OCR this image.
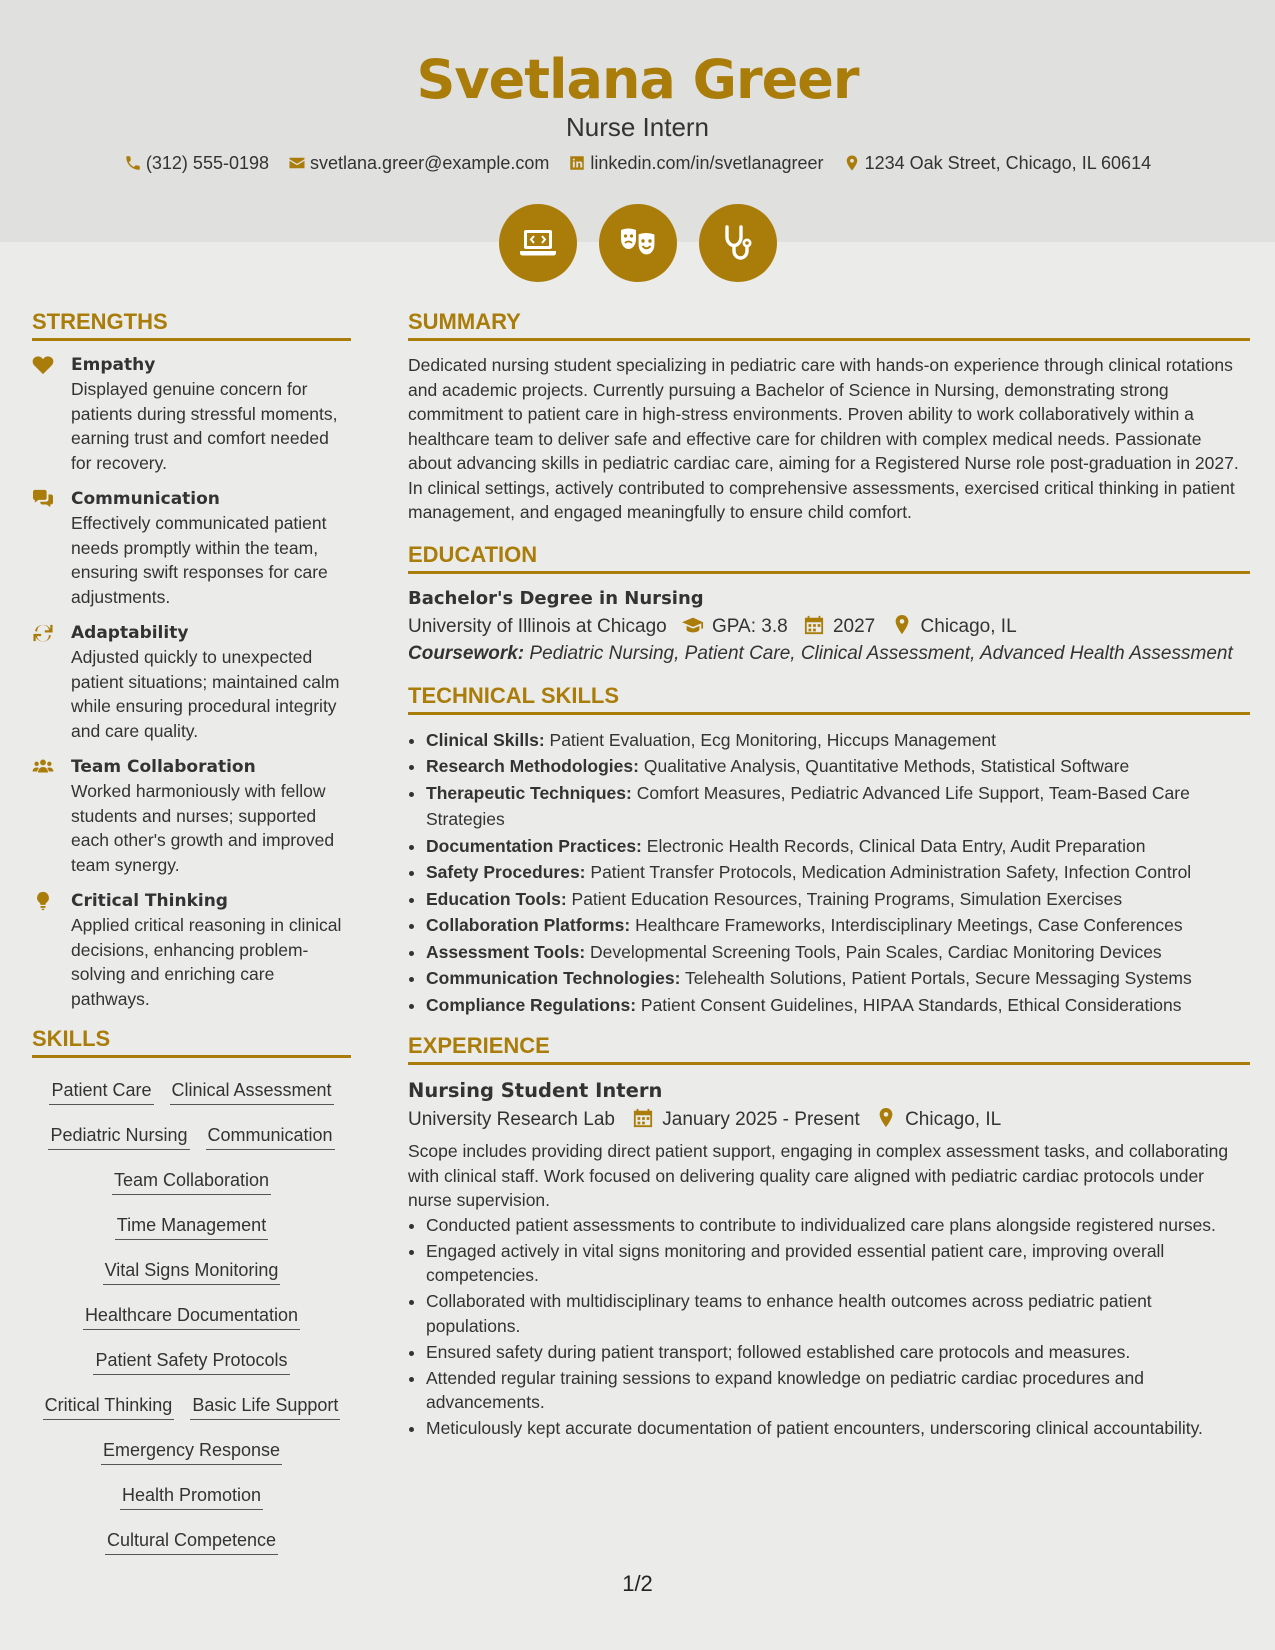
Svetlana Greer
Nurse Intern
(312) 555-0198 svetlana.greer@example.com linkedin.com/in/svetlanagreer 1234 Oak Street, Chicago, IL 60614

STRENGTHS
Empathy
Displayed genuine concern for patients during stressful moments, earning trust and comfort needed for recovery.
Communication
Effectively communicated patient needs promptly within the team, ensuring swift responses for care adjustments.
Adaptability
Adjusted quickly to unexpected patient situations; maintained calm while ensuring procedural integrity and care quality.
Team Collaboration
Worked harmoniously with fellow students and nurses; supported each other's growth and improved team synergy.
Critical Thinking
Applied critical reasoning in clinical decisions, enhancing problem-solving and enriching care pathways.
SKILLS
Patient Care Clinical Assessment
Pediatric Nursing Communication
Team Collaboration
Time Management
Vital Signs Monitoring
Healthcare Documentation
Patient Safety Protocols
Critical Thinking Basic Life Support
Emergency Response
Health Promotion
Cultural Competence
SUMMARY
Dedicated nursing student specializing in pediatric care with hands-on experience through clinical rotations and academic projects. Currently pursuing a Bachelor of Science in Nursing, demonstrating strong commitment to patient care in high-stress environments. Proven ability to work collaboratively within a healthcare team to deliver safe and effective care for children with complex medical needs. Passionate about advancing skills in pediatric cardiac care, aiming for a Registered Nurse role post-graduation in 2027. In clinical settings, actively contributed to comprehensive assessments, exercised critical thinking in patient management, and engaged meaningfully to ensure child comfort.
EDUCATION
Bachelor's Degree in Nursing
University of Illinois at Chicago GPA: 3.8 2027 Chicago, IL
Coursework: Pediatric Nursing, Patient Care, Clinical Assessment, Advanced Health Assessment
TECHNICAL SKILLS
• Clinical Skills: Patient Evaluation, Ecg Monitoring, Hiccups Management
• Research Methodologies: Qualitative Analysis, Quantitative Methods, Statistical Software
• Therapeutic Techniques: Comfort Measures, Pediatric Advanced Life Support, Team-Based Care Strategies
• Documentation Practices: Electronic Health Records, Clinical Data Entry, Audit Preparation
• Safety Procedures: Patient Transfer Protocols, Medication Administration Safety, Infection Control
• Education Tools: Patient Education Resources, Training Programs, Simulation Exercises
• Collaboration Platforms: Healthcare Frameworks, Interdisciplinary Meetings, Case Conferences
• Assessment Tools: Developmental Screening Tools, Pain Scales, Cardiac Monitoring Devices
• Communication Technologies: Telehealth Solutions, Patient Portals, Secure Messaging Systems
• Compliance Regulations: Patient Consent Guidelines, HIPAA Standards, Ethical Considerations
EXPERIENCE
Nursing Student Intern
University Research Lab January 2025 - Present Chicago, IL
Scope includes providing direct patient support, engaging in complex assessment tasks, and collaborating with clinical staff. Work focused on delivering quality care aligned with pediatric cardiac protocols under nurse supervision.
• Conducted patient assessments to contribute to individualized care plans alongside registered nurses.
• Engaged actively in vital signs monitoring and provided essential patient care, improving overall competencies.
• Collaborated with multidisciplinary teams to enhance health outcomes across pediatric patient populations.
• Ensured safety during patient transport; followed established care protocols and measures.
• Attended regular training sessions to expand knowledge on pediatric cardiac procedures and advancements.
• Meticulously kept accurate documentation of patient encounters, underscoring clinical accountability.
1/2
